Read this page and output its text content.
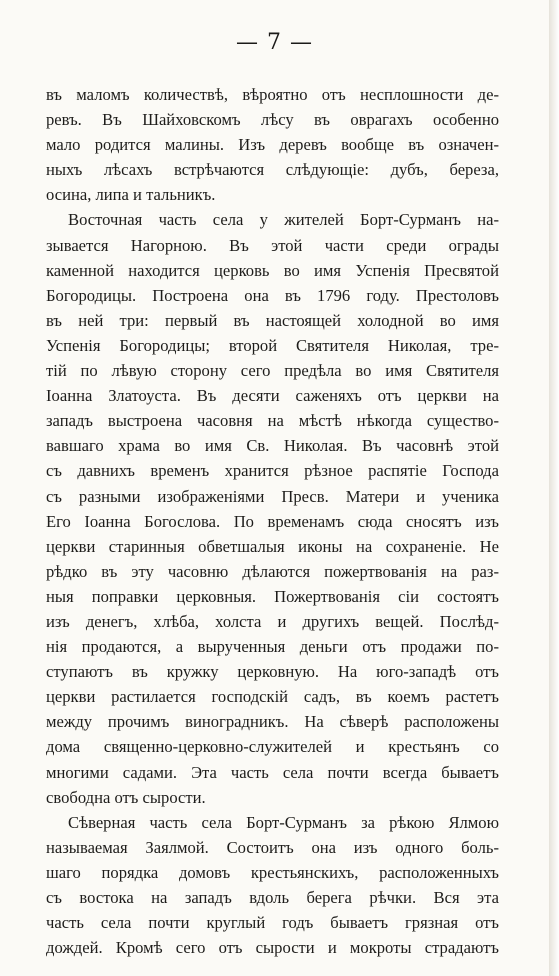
— 7 —
въ маломъ количествѣ, вѣроятно отъ несплошности де-
ревъ. Въ Шайховскомъ лѣсу въ оврагахъ особенно
мало родится малины. Изъ деревъ вообще въ означен-
ныхъ лѣсахъ встрѣчаются слѣдующіе: дубъ, береза,
осина, липа и тальникъ.
Восточная часть села у жителей Борт-Сурманъ на-
зывается Нагорною. Въ этой части среди ограды
каменной находится церковь во имя Успенія Пресвятой
Богородицы. Построена она въ 1796 году. Престоловъ
въ ней три: первый въ настоящей холодной во имя
Успенія Богородицы; второй Святителя Николая, тре-
тій по лѣвую сторону сего предѣла во имя Святителя
Іоанна Златоуста. Въ десяти саженяхъ отъ церкви на
западъ выстроена часовня на мѣстѣ нѣкогда существо-
вавшаго храма во имя Св. Николая. Въ часовнѣ этой
съ давнихъ временъ хранится рѣзное распятіе Господа
съ разными изображеніями Пресв. Матери и ученика
Его Іоанна Богослова. По временамъ сюда сносятъ изъ
церкви старинныя обветшалыя иконы на сохраненіе. Не
рѣдко въ эту часовню дѣлаются пожертвованія на раз-
ныя поправки церковныя. Пожертвованія сіи состоятъ
изъ денегъ, хлѣба, холста и другихъ вещей. Послѣд-
нія продаются, а вырученныя деньги отъ продажи по-
ступаютъ въ кружку церковную. На юго-западѣ отъ
церкви растилается господскій садъ, въ коемъ растетъ
между прочимъ виноградникъ. На сѣверѣ расположены
дома священно-церковно-служителей и крестьянъ со
многими садами. Эта часть села почти всегда бываетъ
свободна отъ сырости.
Сѣверная часть села Борт-Сурманъ за рѣкою Ялмою
называемая Заялмой. Состоитъ она изъ одного боль-
шаго порядка домовъ крестьянскихъ, расположенныхъ
съ востока на западъ вдоль берега рѣчки. Вся эта
часть села почти круглый годъ бываетъ грязная отъ
дождей. Кромѣ сего отъ сырости и мокроты страдаютъ
